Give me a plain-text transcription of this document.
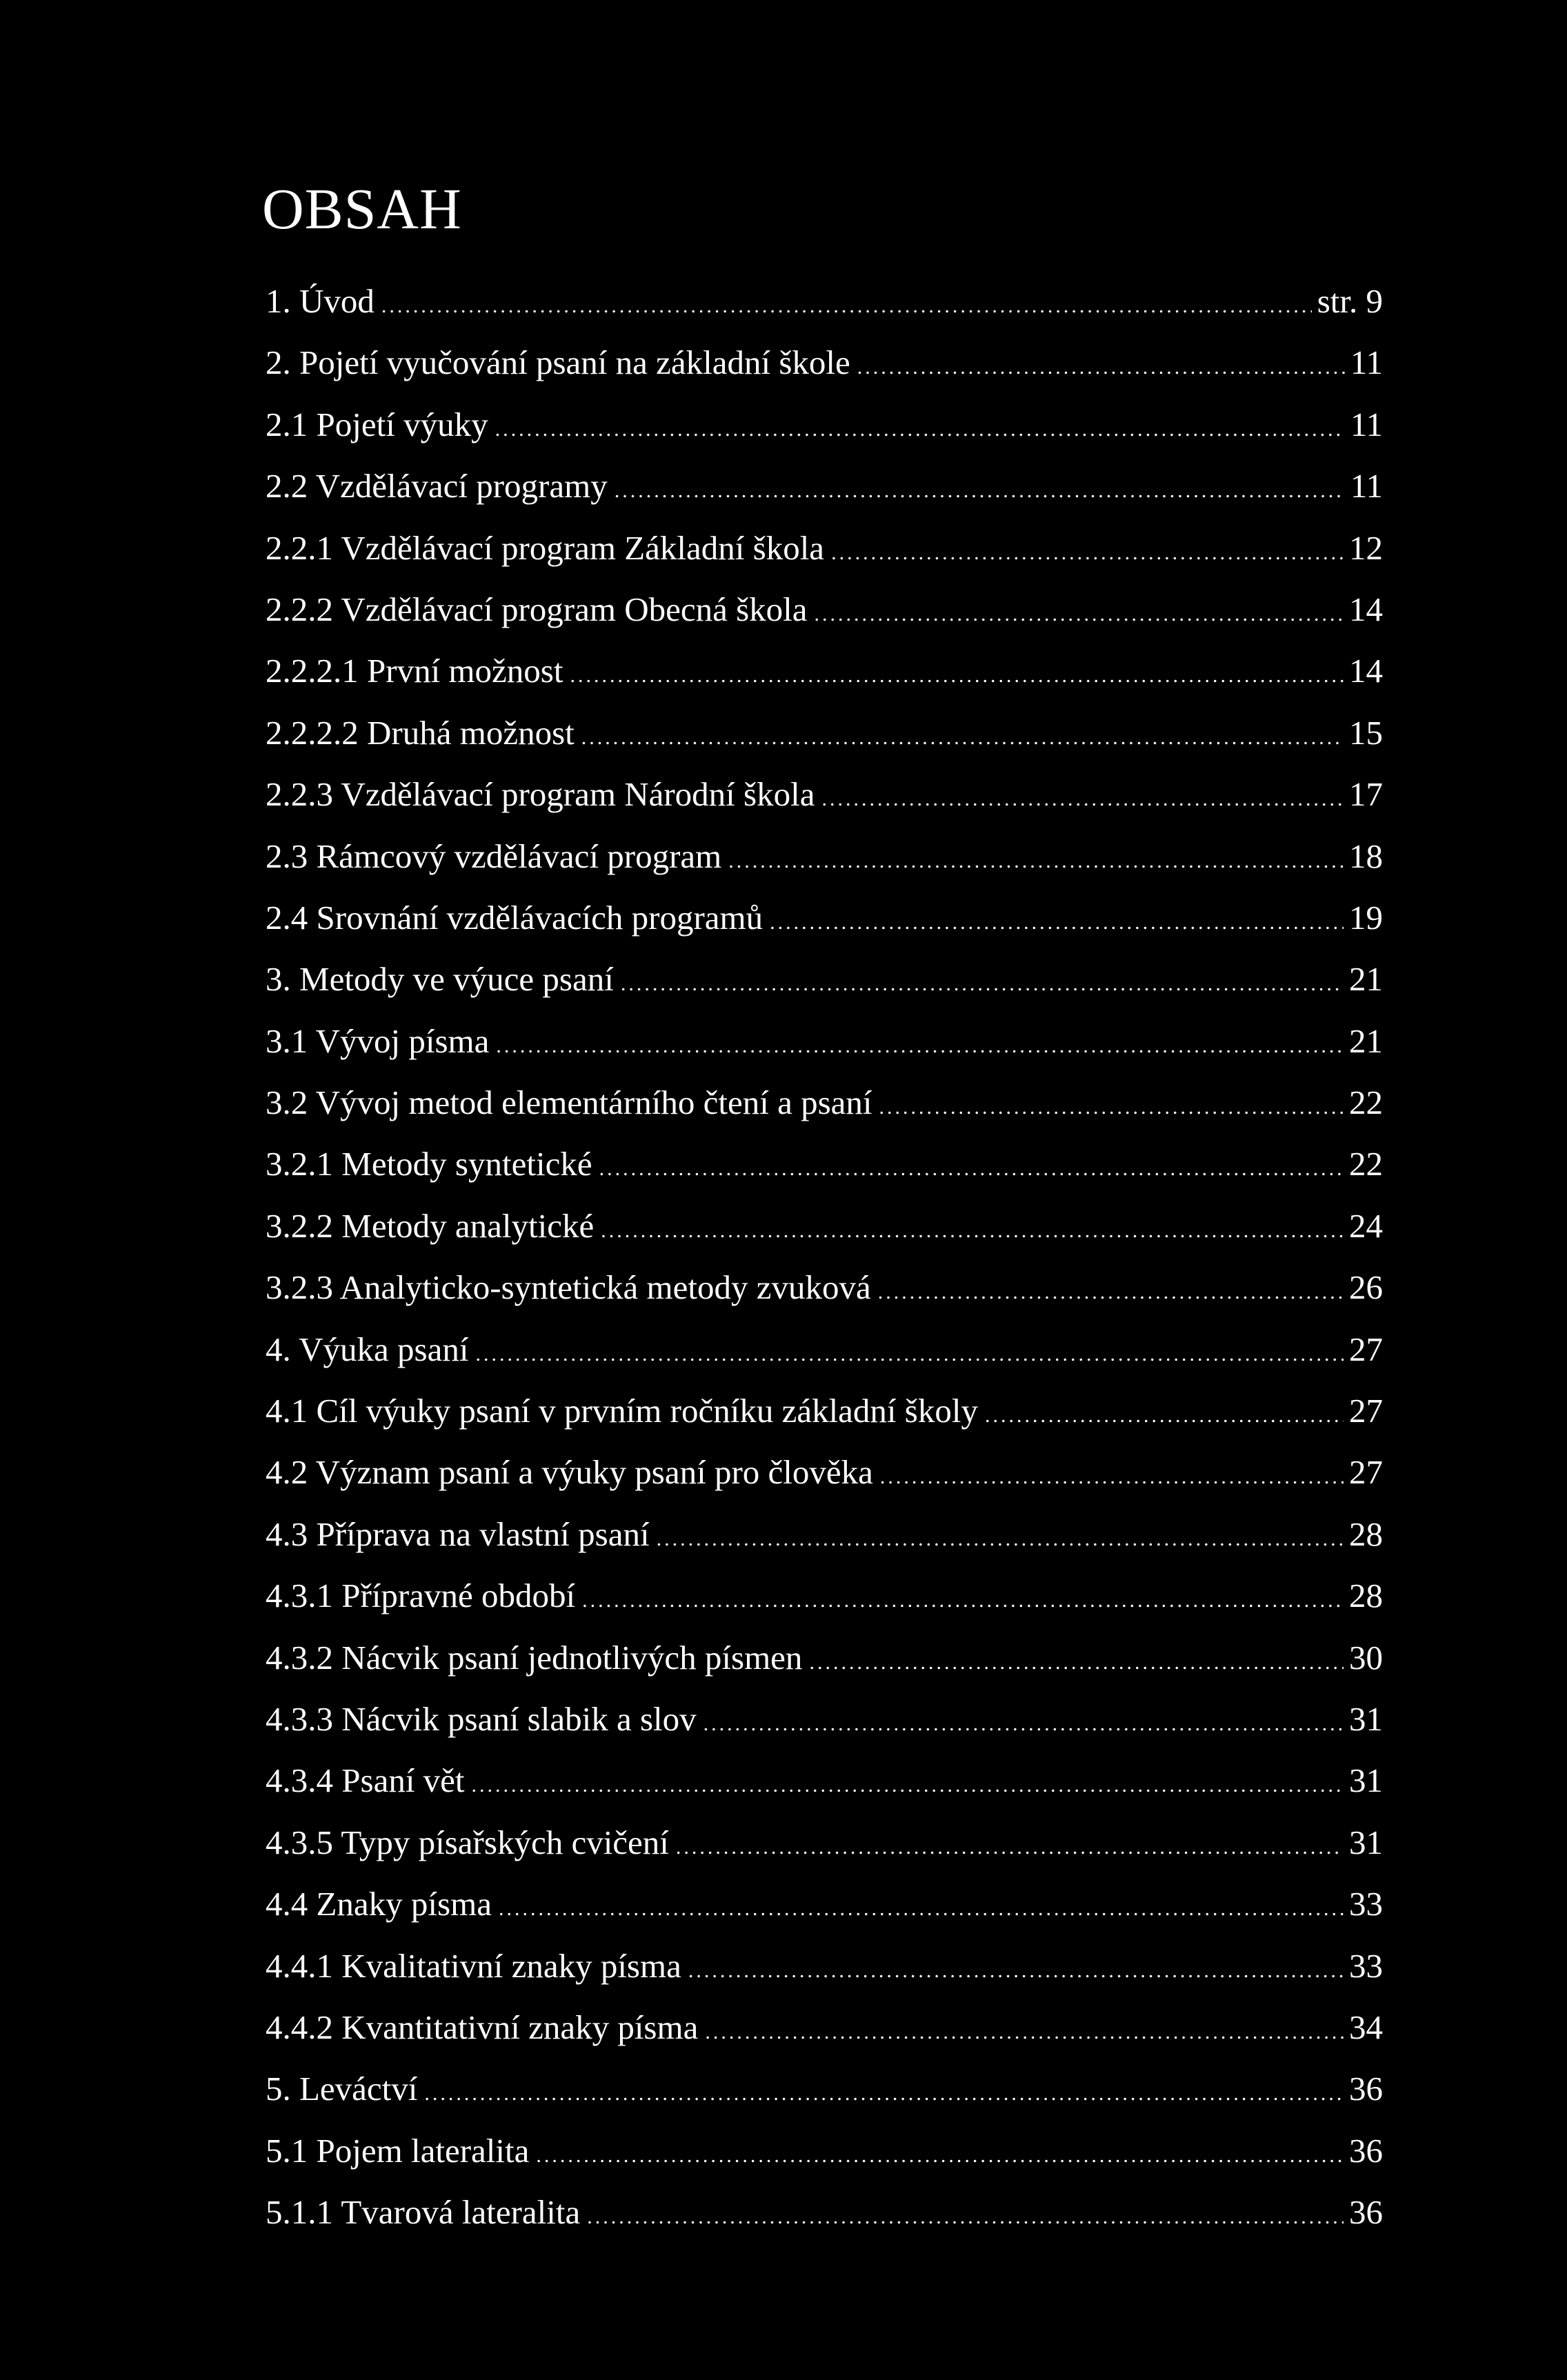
OBSAH
1. Úvod .....	str. 9
2. Pojetí vyučování psaní na základní škole .....	11
2.1 Pojetí výuky .....	11
2.2 Vzdělávací programy .....	11
2.2.1 Vzdělávací program Základní škola .....	12
2.2.2 Vzdělávací program Obecná škola .....	14
2.2.2.1 První možnost .....	14
2.2.2.2 Druhá možnost .....	15
2.2.3 Vzdělávací program Národní škola .....	17
2.3 Rámcový vzdělávací program .....	18
2.4 Srovnání vzdělávacích programů .....	19
3. Metody ve výuce psaní .....	21
3.1 Vývoj písma .....	21
3.2 Vývoj metod elementárního čtení a psaní .....	22
3.2.1 Metody syntetické .....	22
3.2.2 Metody analytické .....	24
3.2.3 Analyticko-syntetická metody zvuková .....	26
4. Výuka psaní .....	27
4.1 Cíl výuky psaní v prvním ročníku základní školy .....	27
4.2 Význam psaní a výuky psaní pro člověka .....	27
4.3 Příprava na vlastní psaní .....	28
4.3.1 Přípravné období .....	28
4.3.2 Nácvik psaní jednotlivých písmen .....	30
4.3.3 Nácvik psaní slabik a slov .....	31
4.3.4 Psaní vět .....	31
4.3.5 Typy písařských cvičení .....	31
4.4 Znaky písma .....	33
4.4.1 Kvalitativní znaky písma .....	33
4.4.2 Kvantitativní znaky písma .....	34
5. Leváctví .....	36
5.1 Pojem lateralita .....	36
5.1.1 Tvarová lateralita .....	36
